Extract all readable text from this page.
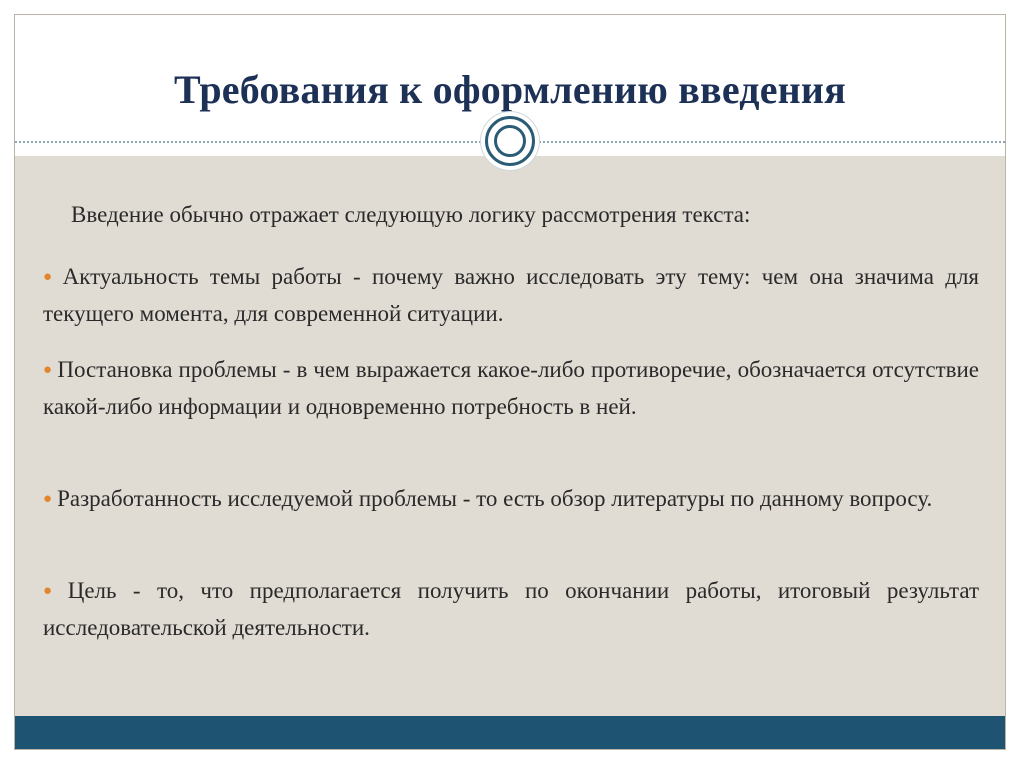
Требования к оформлению введения
Введение обычно отражает следующую логику рассмотрения текста:
● Актуальность темы работы - почему важно исследовать эту тему: чем она значима для текущего момента, для современной ситуации.
● Постановка проблемы - в чем выражается какое-либо противоречие, обозначается отсутствие какой-либо информации и одновременно потребность в ней.
● Разработанность исследуемой проблемы - то есть обзор литературы по данному вопросу.
● Цель - то, что предполагается получить по окончании работы, итоговый результат исследовательской деятельности.
